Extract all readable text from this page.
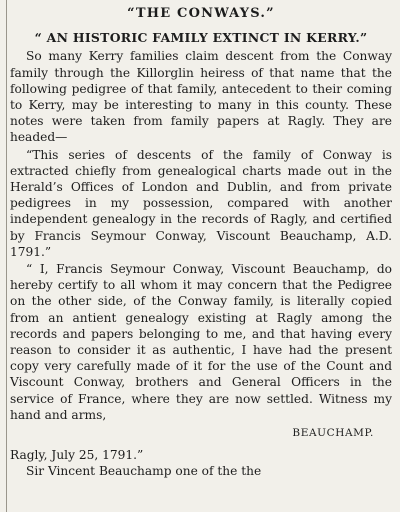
“THE CONWAYS.”
“ AN HISTORIC FAMILY EXTINCT IN KERRY.”

So many Kerry families claim descent from the Conway family through the Killorglin heiress of that name that the following pedigree of that family, antecedent to their coming to Kerry, may be interesting to many in this county. These notes were taken from family papers at Ragly. They are headed—

“This series of descents of the family of Conway is extracted chiefly from genealogical charts made out in the Herald’s Offices of London and Dublin, and from private pedigrees in my possession, compared with another independent genealogy in the records of Ragly, and certified by Francis Seymour Conway, Viscount Beauchamp, A.D. 1791.”

“ I, Francis Seymour Conway, Viscount Beauchamp, do hereby certify to all whom it may concern that the Pedigree on the other side, of the Conway family, is literally copied from an antient genealogy existing at Ragly among the records and papers belonging to me, and that having every reason to consider it as authentic, I have had the present copy very carefully made of it for the use of the Count and Viscount Conway, brothers and General Officers in the service of France, where they are now settled. Witness my hand and arms,

BEAUCHAMP.

Ragly, July 25, 1791.”

Sir Vincent Beauchamp one of the the
